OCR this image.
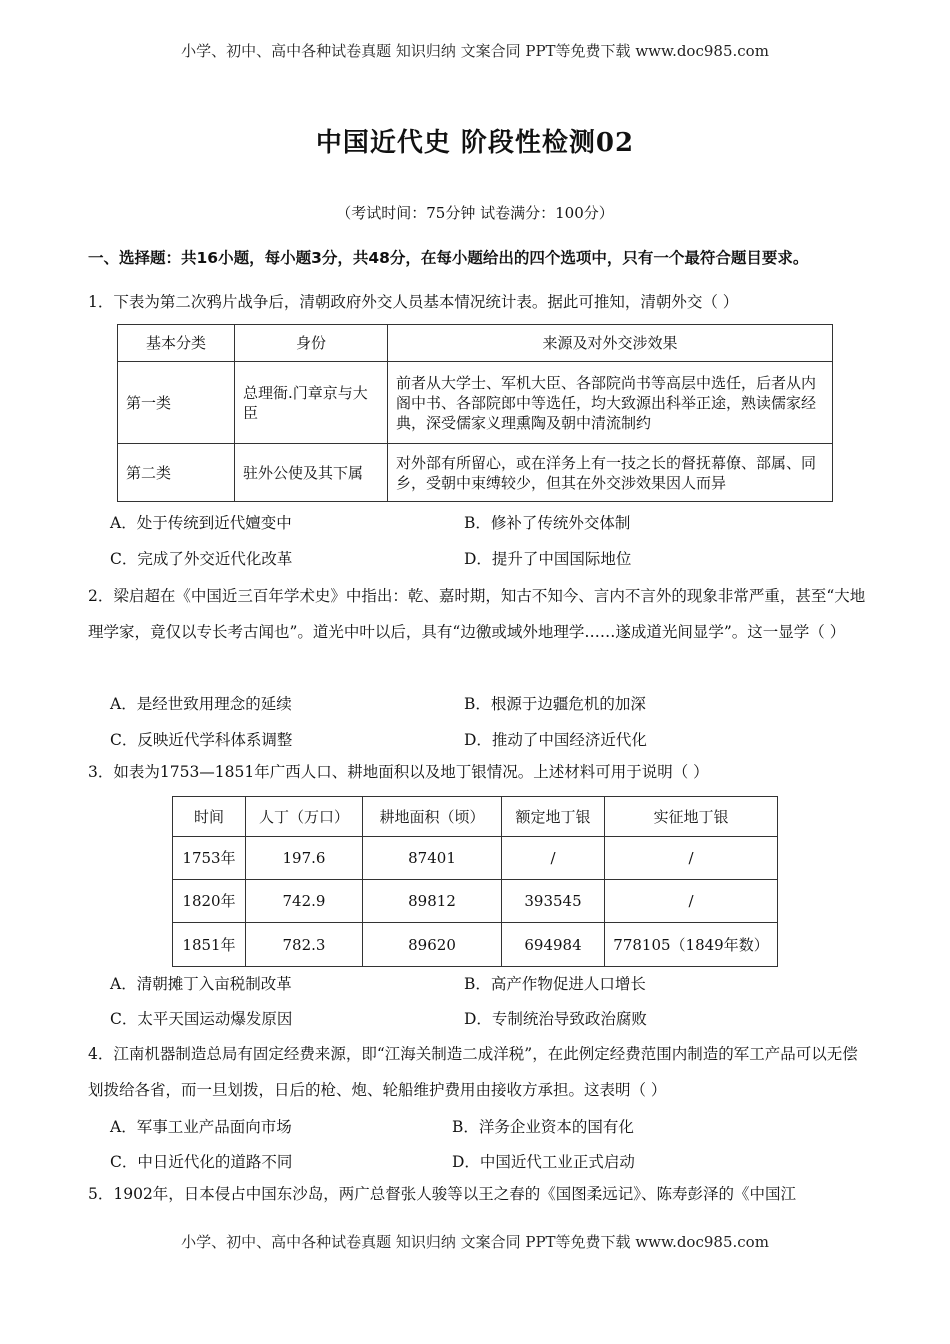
小学、初中、高中各种试卷真题 知识归纳 文案合同 PPT等免费下载 www.doc985.com
中国近代史 阶段性检测02
（考试时间：75分钟 试卷满分：100分）
一、选择题：共16小题，每小题3分，共48分，在每小题给出的四个选项中，只有一个最符合题目要求。
1．下表为第二次鸦片战争后，清朝政府外交人员基本情况统计表。据此可推知，清朝外交（ ）
基本分类	身份	来源及对外交涉效果
第一类	总理衙.门章京与大臣	前者从大学士、军机大臣、各部院尚书等高层中选任，后者从内阁中书、各部院郎中等选任，均大致源出科举正途，熟读儒家经典，深受儒家义理熏陶及朝中清流制约
第二类	驻外公使及其下属	对外部有所留心，或在洋务上有一技之长的督抚幕僚、部属、同乡，受朝中束缚较少，但其在外交涉效果因人而异
A．处于传统到近代嬗变中	B．修补了传统外交体制
C．完成了外交近代化改革	D．提升了中国国际地位
2．梁启超在《中国近三百年学术史》中指出：乾、嘉时期，知古不知今、言内不言外的现象非常严重，甚至“大地理学家，竟仅以专长考古闻也”。道光中叶以后，具有“边徼或域外地理学……遂成道光间显学”。这一显学（ ）
A．是经世致用理念的延续	B．根源于边疆危机的加深
C．反映近代学科体系调整	D．推动了中国经济近代化
3．如表为1753—1851年广西人口、耕地面积以及地丁银情况。上述材料可用于说明（ ）
时间	人丁（万口）	耕地面积（顷）	额定地丁银	实征地丁银
1753年	197.6	87401	/	/
1820年	742.9	89812	393545	/
1851年	782.3	89620	694984	778105（1849年数）
A．清朝摊丁入亩税制改革	B．高产作物促进人口增长
C．太平天国运动爆发原因	D．专制统治导致政治腐败
4．江南机器制造总局有固定经费来源，即“江海关制造二成洋税”，在此例定经费范围内制造的军工产品可以无偿划拨给各省，而一旦划拨，日后的枪、炮、轮船维护费用由接收方承担。这表明（ ）
A．军事工业产品面向市场	B．洋务企业资本的国有化
C．中日近代化的道路不同	D．中国近代工业正式启动
5．1902年，日本侵占中国东沙岛，两广总督张人骏等以王之春的《国图柔远记》、陈寿彭泽的《中国江
小学、初中、高中各种试卷真题 知识归纳 文案合同 PPT等免费下载 www.doc985.com
